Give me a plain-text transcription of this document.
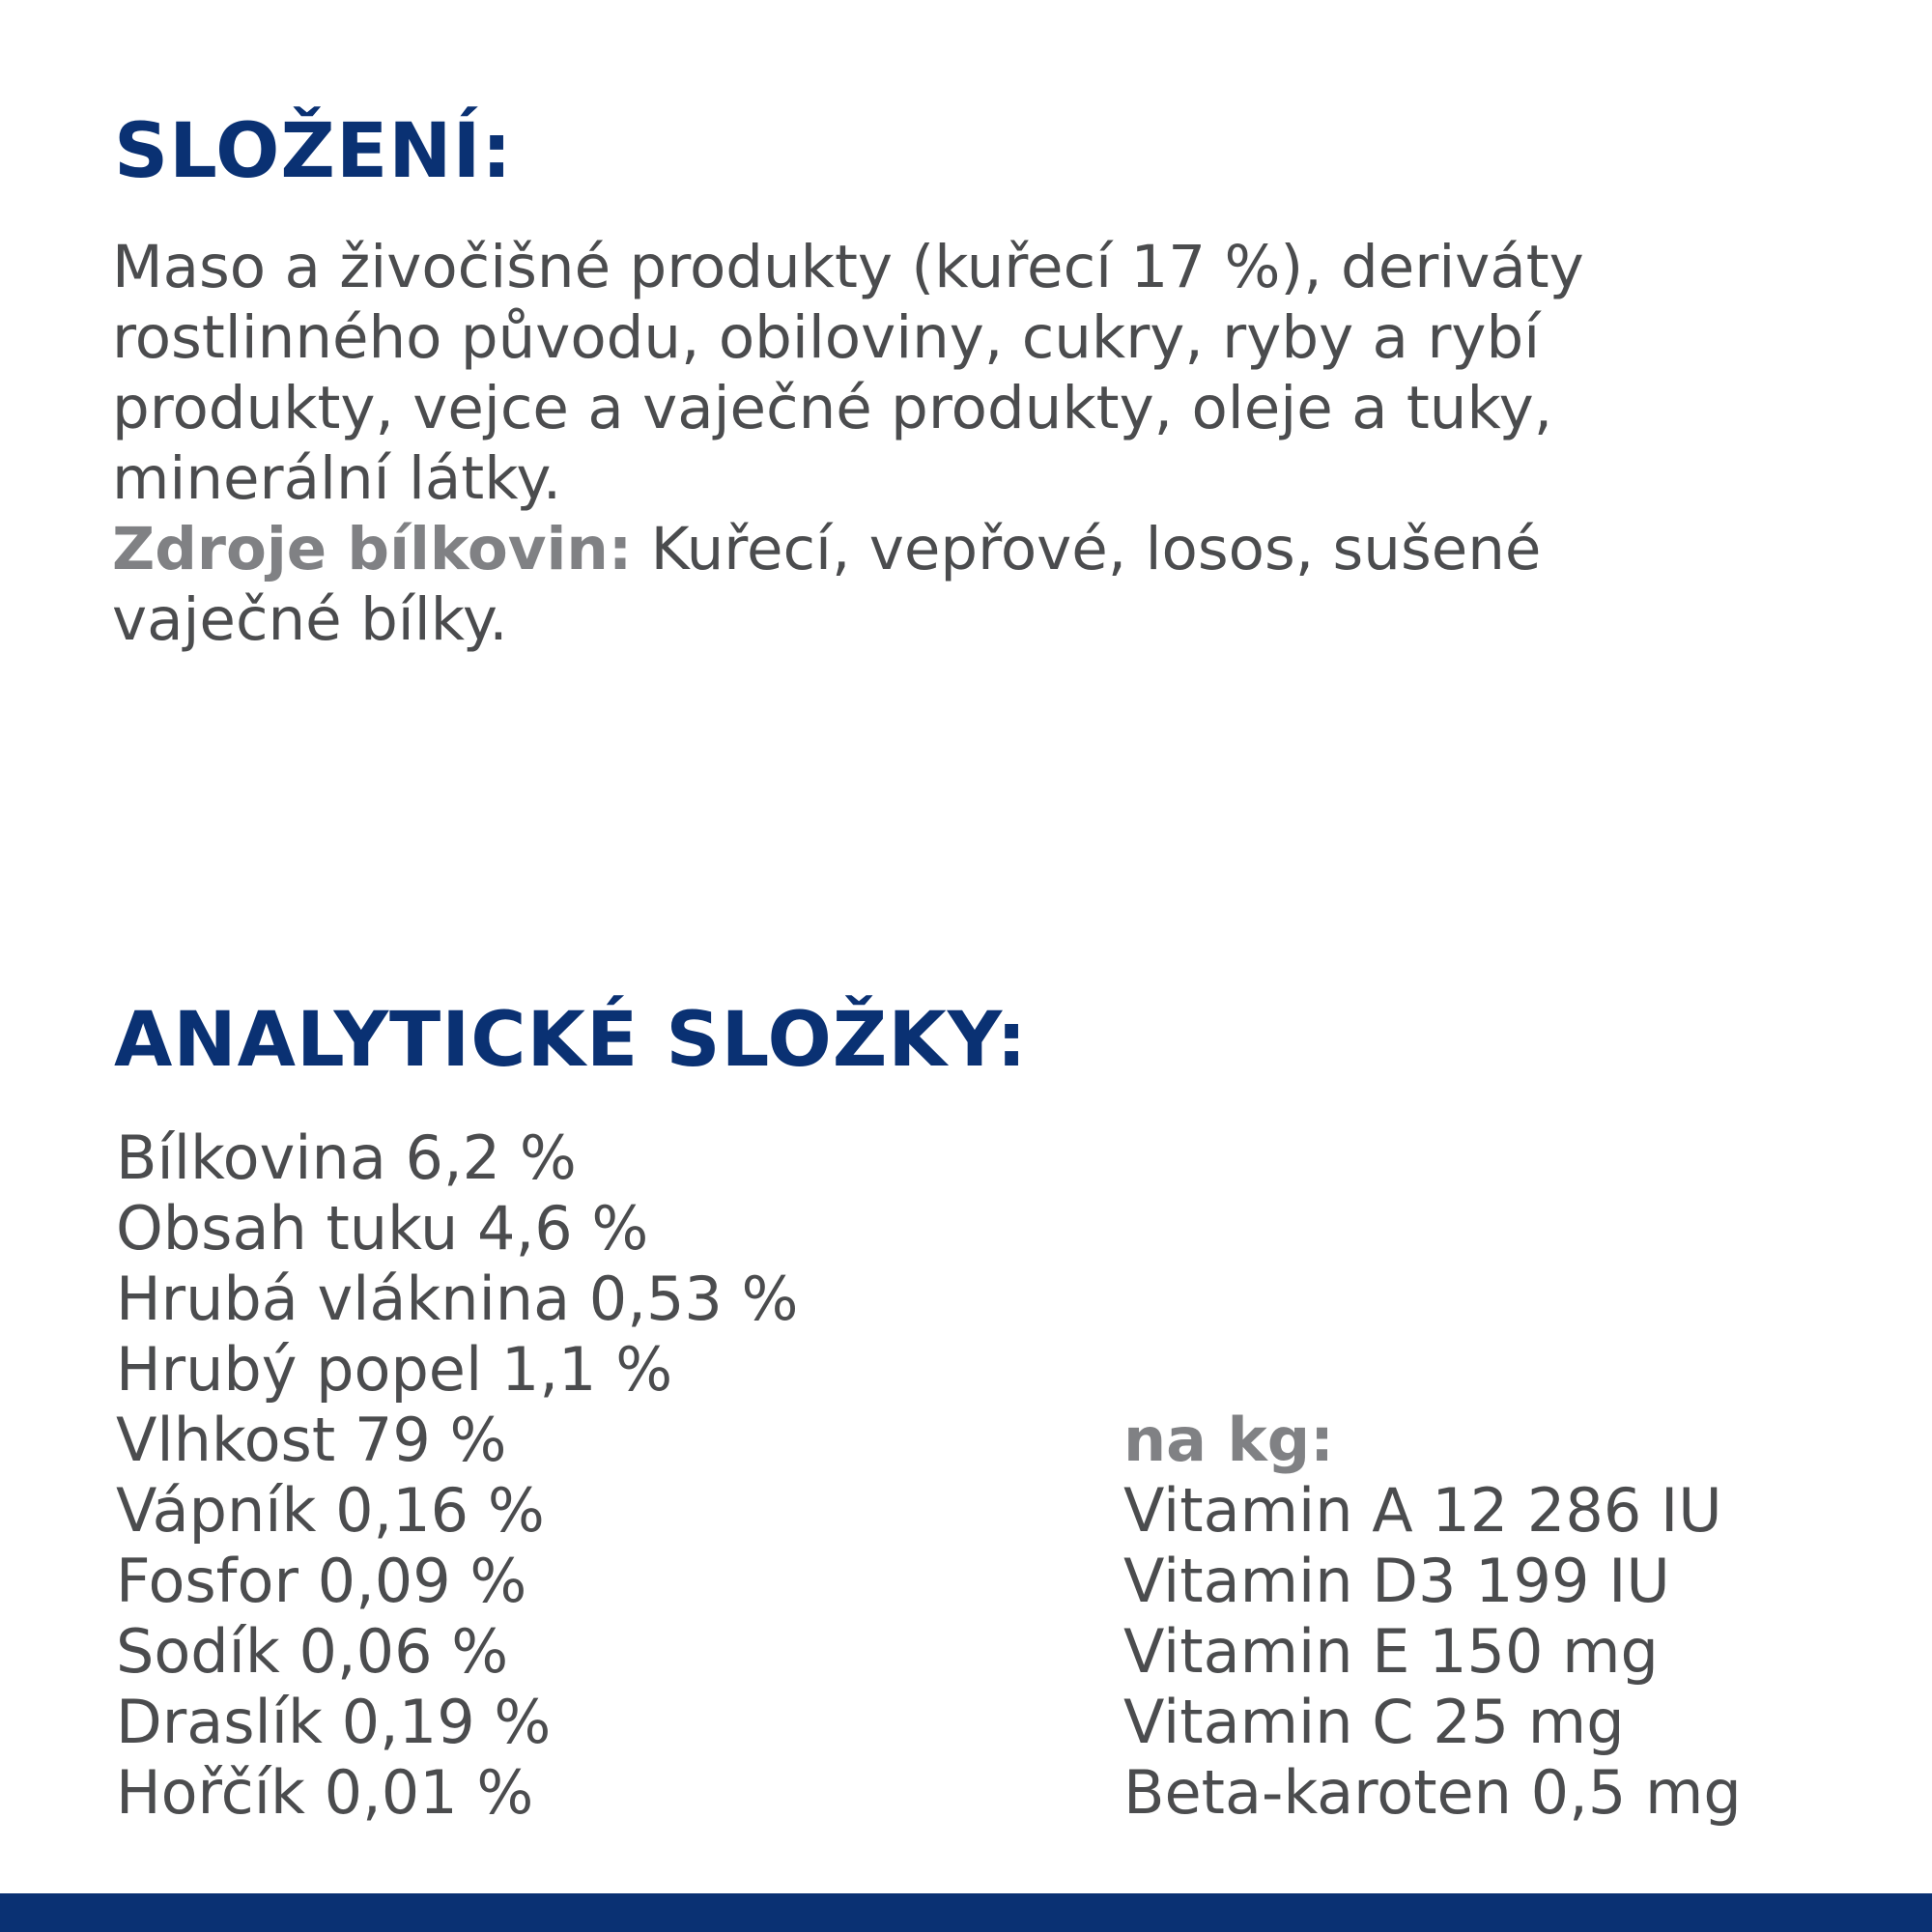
SLOŽENÍ:
Maso a živočišné produkty (kuřecí 17 %), deriváty
rostlinného původu, obiloviny, cukry, ryby a rybí
produkty, vejce a vaječné produkty, oleje a tuky,
minerální látky.
Zdroje bílkovin: Kuřecí, vepřové, losos, sušené
vaječné bílky.
ANALYTICKÉ SLOŽKY:
Bílkovina 6,2 %
Obsah tuku 4,6 %
Hrubá vláknina 0,53 %
Hrubý popel 1,1 %
Vlhkost 79 %
Vápník 0,16 %
Fosfor 0,09 %
Sodík 0,06 %
Draslík 0,19 %
Hořčík 0,01 %
na kg:
Vitamin A 12 286 IU
Vitamin D3 199 IU
Vitamin E 150 mg
Vitamin C 25 mg
Beta-karoten 0,5 mg
